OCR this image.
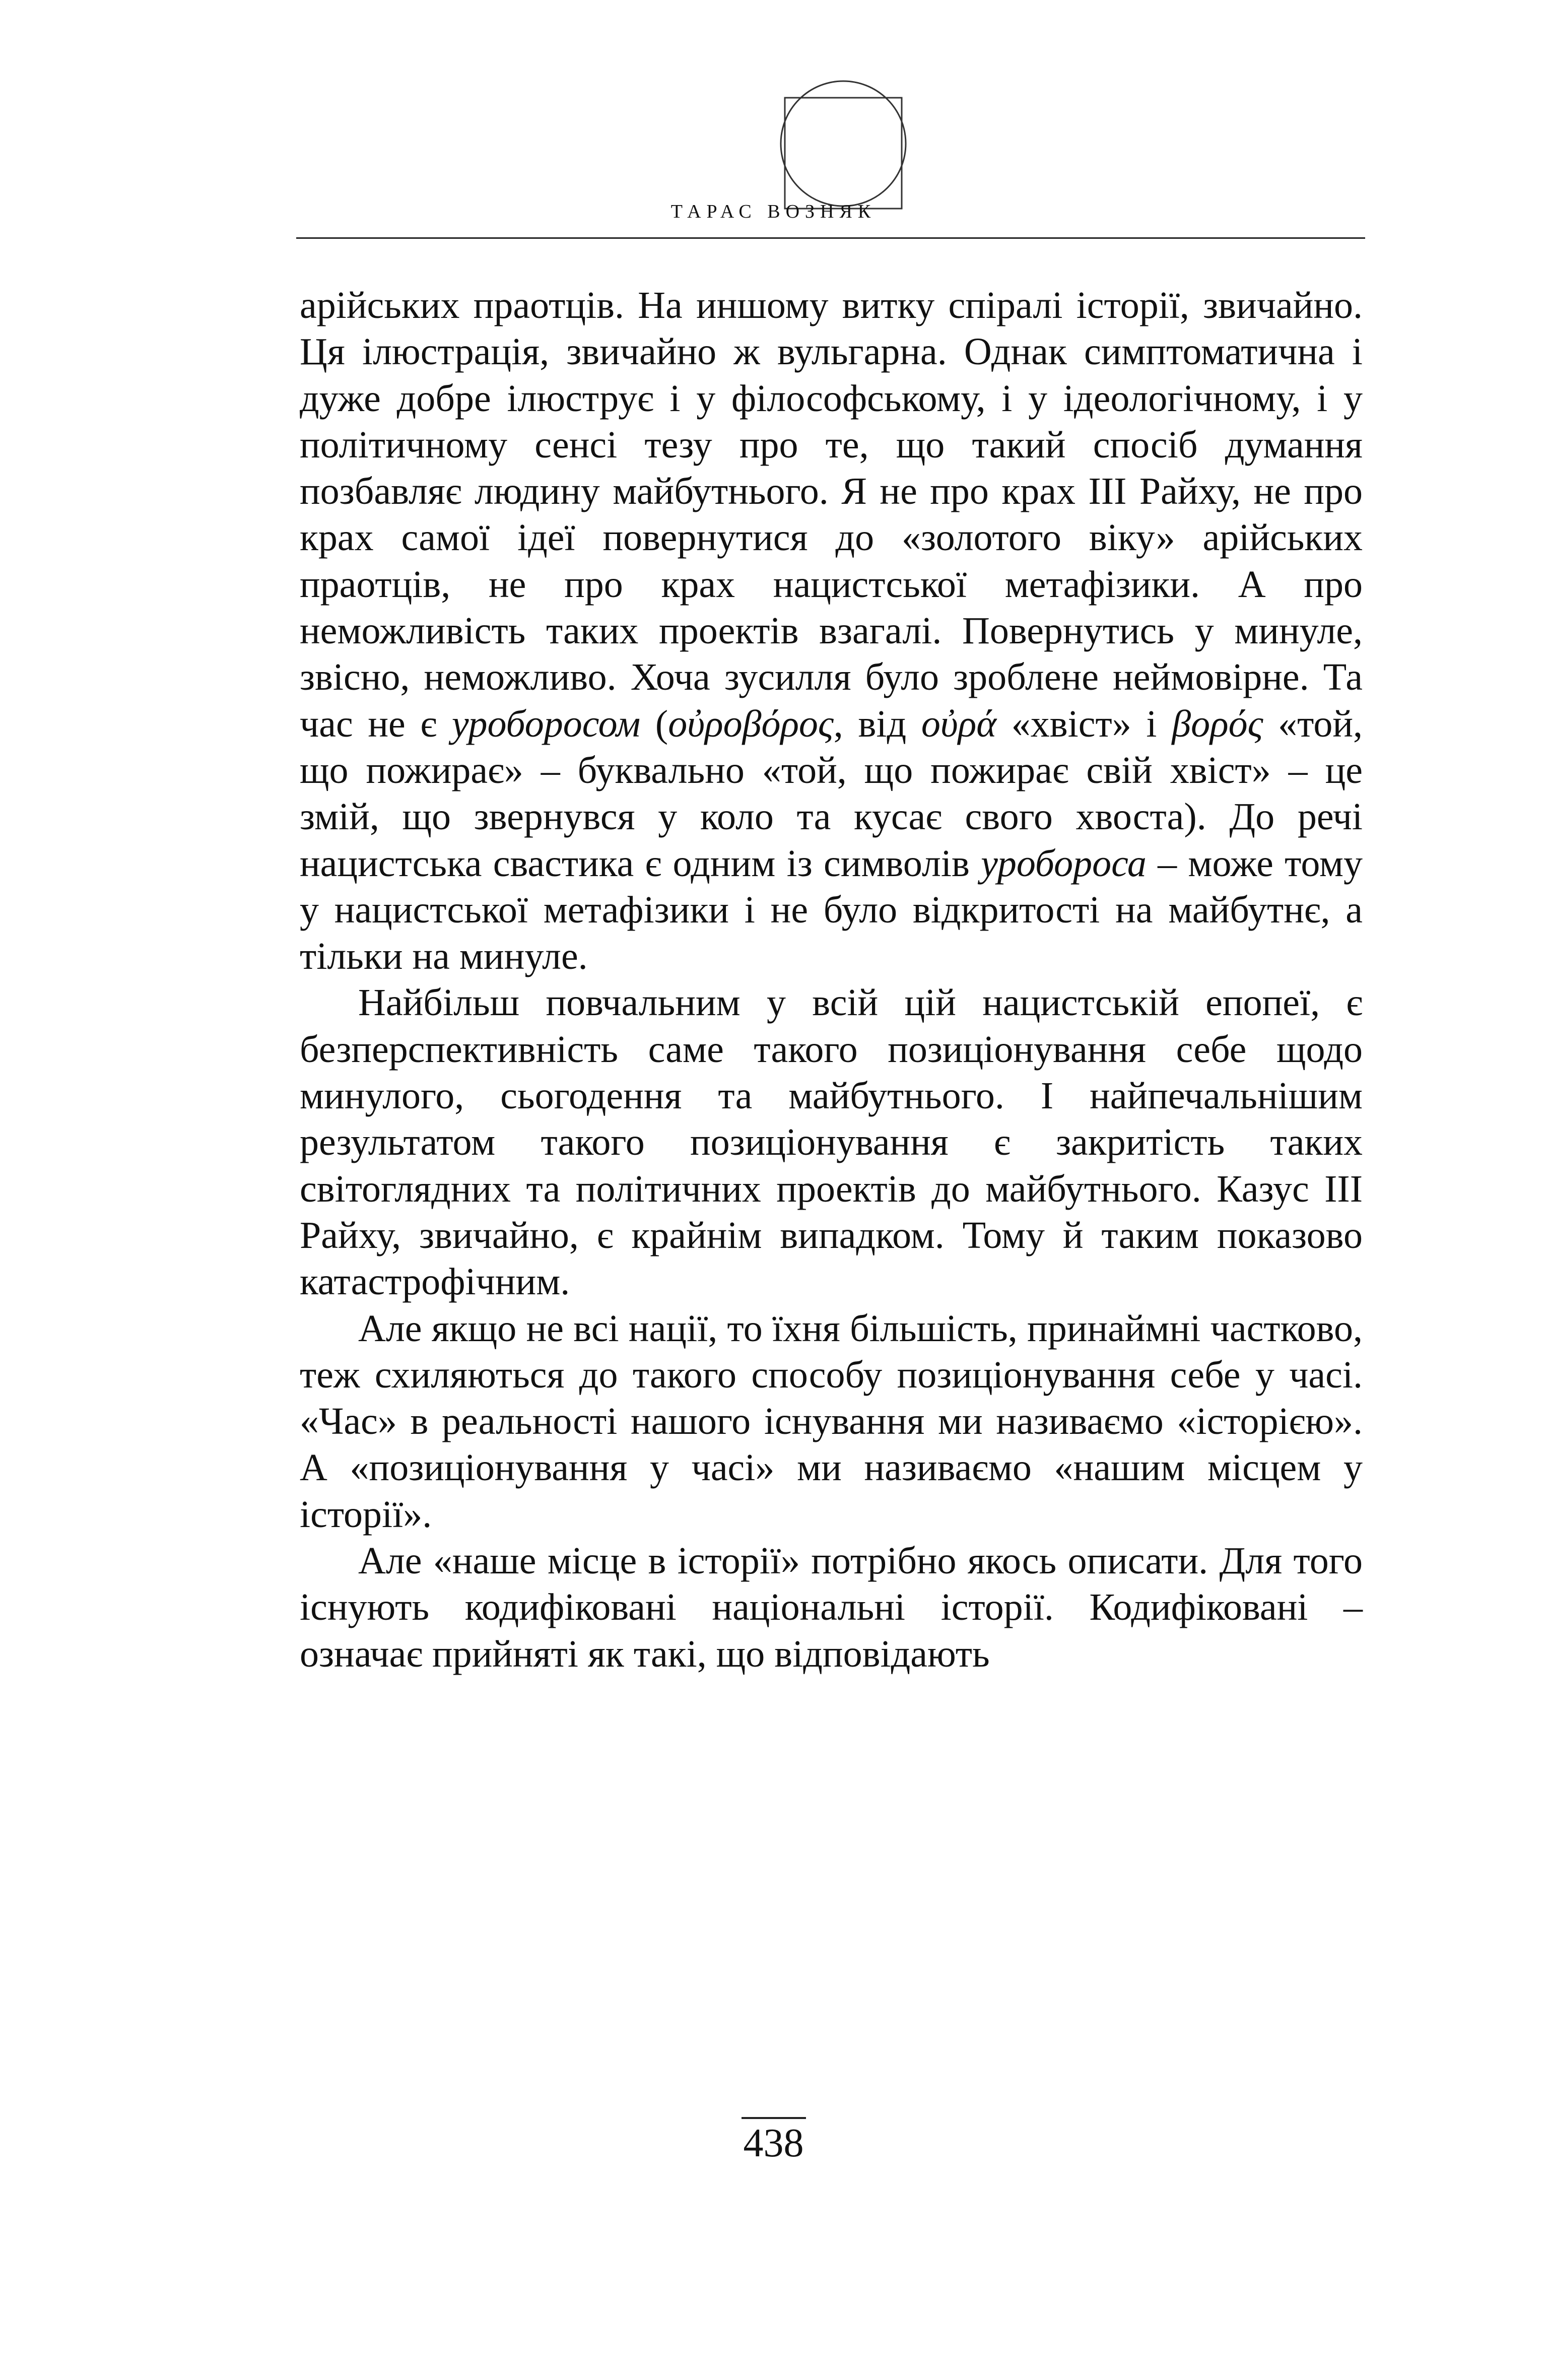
ТАРАС ВОЗНЯК

арійських праотців. На иншому витку спіралі історії, звичайно. Ця ілюстрація, звичайно ж вульгарна. Однак симптоматична і дуже добре ілюструє і у філософському, і у ідеологічному, і у політичному сенсі тезу про те, що такий спосіб думання позбавляє людину майбутнього. Я не про крах III Райху, не про крах самої ідеї повернутися до «золотого віку» арійських праотців, не про крах нацистської метафізики. А про неможливість таких проектів взагалі. Повернутись у минуле, звісно, неможливо. Хоча зусилля було зроблене неймовірне. Та час не є уроборосом (οὐροβόρος, від οὐρά «хвіст» і βορός «той, що пожирає» – буквально «той, що пожирає свій хвіст» – це змій, що звернувся у коло та кусає свого хвоста). До речі нацистська свастика є одним із символів уробороса – може тому у нацистської метафізики і не було відкритості на майбутнє, а тільки на минуле.

Найбільш повчальним у всій цій нацистській епопеї, є безперспективність саме такого позиціонування себе щодо минулого, сьогодення та майбутнього. І найпечальнішим результатом такого позиціонування є закритість таких світоглядних та політичних проектів до майбутнього. Казус III Райху, звичайно, є крайнім випадком. Тому й таким показово катастрофічним.

Але якщо не всі нації, то їхня більшість, принаймні частково, теж схиляються до такого способу позиціонування себе у часі. «Час» в реальності нашого існування ми називаємо «історією». А «позиціонування у часі» ми називаємо «нашим місцем у історії».

Але «наше місце в історії» потрібно якось описати. Для того існують кодифіковані національні історії. Кодифіковані – означає прийняті як такі, що відповідають

438
